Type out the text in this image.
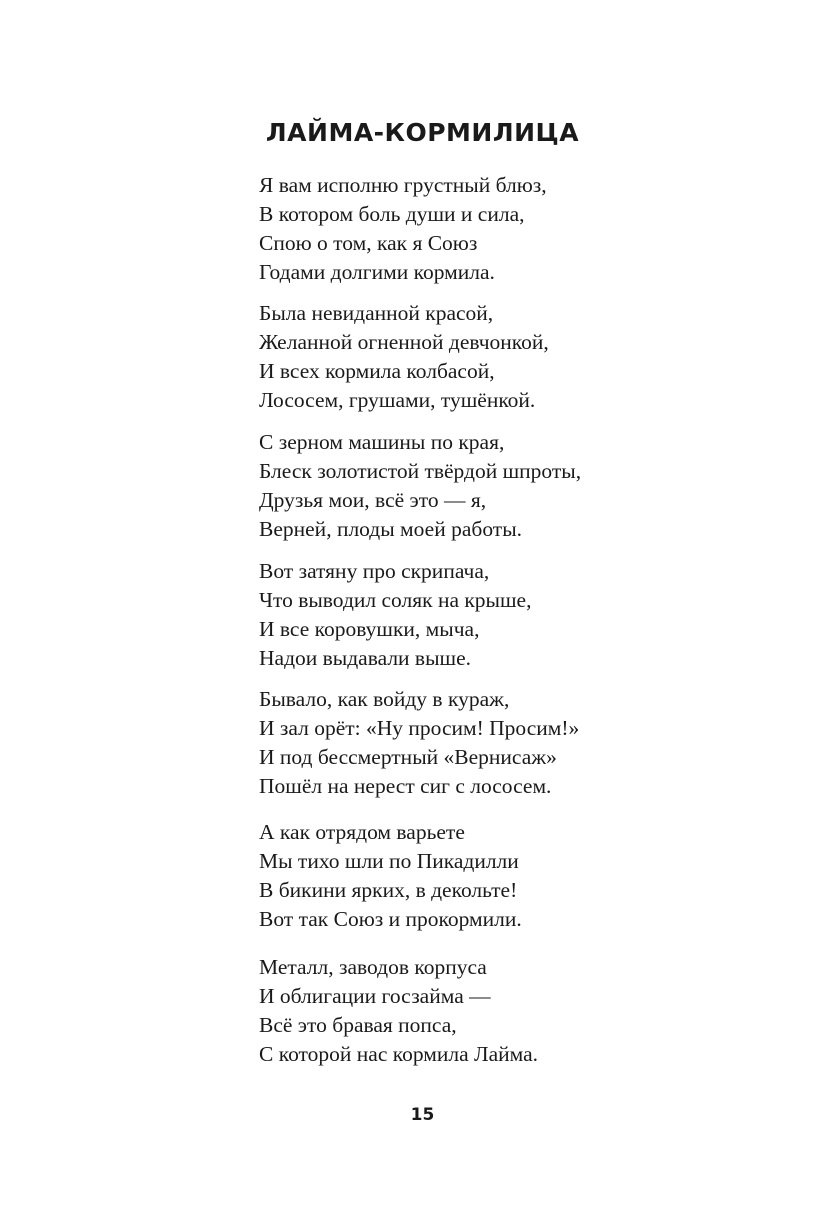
ЛАЙМА-КОРМИЛИЦА
Я вам исполню грустный блюз,
В котором боль души и сила,
Спою о том, как я Союз
Годами долгими кормила.
Была невиданной красой,
Желанной огненной девчонкой,
И всех кормила колбасой,
Лососем, грушами, тушёнкой.
С зерном машины по края,
Блеск золотистой твёрдой шпроты,
Друзья мои, всё это — я,
Верней, плоды моей работы.
Вот затяну про скрипача,
Что выводил соляк на крыше,
И все коровушки, мыча,
Надои выдавали выше.
Бывало, как войду в кураж,
И зал орёт: «Ну просим! Просим!»
И под бессмертный «Вернисаж»
Пошёл на нерест сиг с лососем.
А как отрядом варьете
Мы тихо шли по Пикадилли
В бикини ярких, в декольте!
Вот так Союз и прокормили.
Металл, заводов корпуса
И облигации госзайма —
Всё это бравая попса,
С которой нас кормила Лайма.
15
